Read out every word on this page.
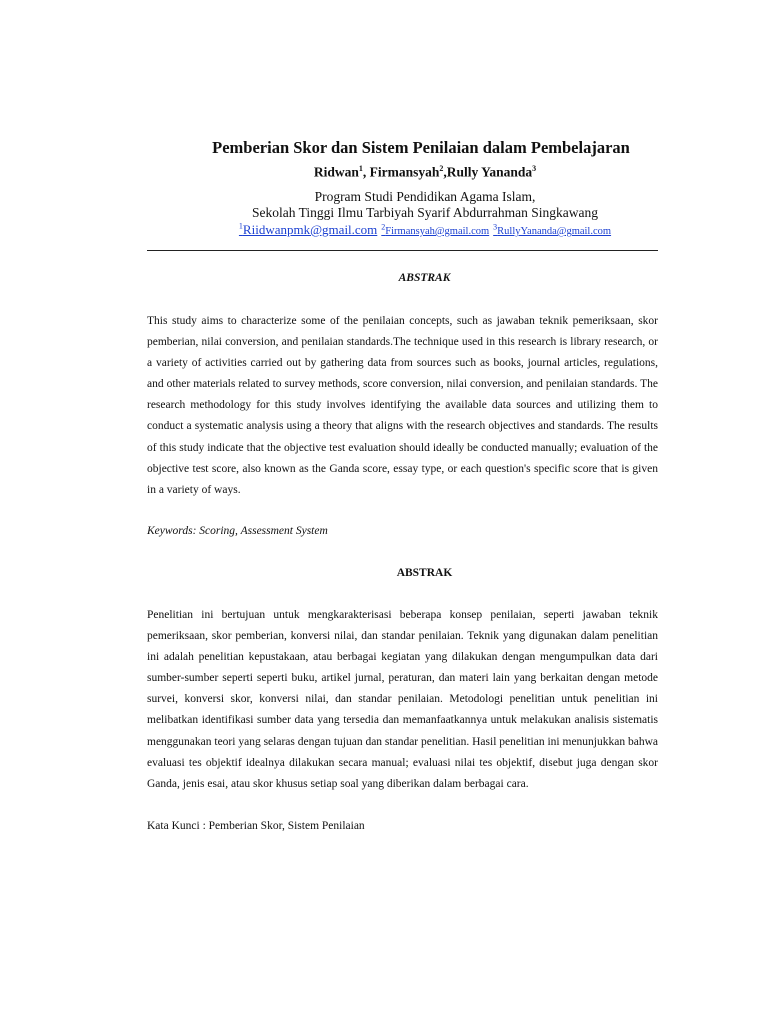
Pemberian Skor dan Sistem Penilaian dalam Pembelajaran
Ridwan$^1$, Firmansyah$^2$,Rully Yananda$^3$
Program Studi Pendidikan Agama Islam,
Sekolah Tinggi Ilmu Tarbiyah Syarif Abdurrahman Singkawang
$^1$Riidwanpmk@gmail.com $^2$Firmansyah@gmail.com $^3$RullyYananda@gmail.com
ABSTRAK

This study aims to characterize some of the penilaian concepts, such as jawaban teknik pemeriksaan, skor pemberian, nilai conversion, and penilaian standards.The technique used in this research is library research, or a variety of activities carried out by gathering data from sources such as books, journal articles, regulations, and other materials related to survey methods, score conversion, nilai conversion, and penilaian standards. The research methodology for this study involves identifying the available data sources and utilizing them to conduct a systematic analysis using a theory that aligns with the research objectives and standards. The results of this study indicate that the objective test evaluation should ideally be conducted manually; evaluation of the objective test score, also known as the Ganda score, essay type, or each question's specific score that is given in a variety of ways.

Keywords: Scoring, Assessment System

ABSTRAK

Penelitian ini bertujuan untuk mengkarakterisasi beberapa konsep penilaian, seperti jawaban teknik pemeriksaan, skor pemberian, konversi nilai, dan standar penilaian. Teknik yang digunakan dalam penelitian ini adalah penelitian kepustakaan, atau berbagai kegiatan yang dilakukan dengan mengumpulkan data dari sumber-sumber seperti seperti buku, artikel jurnal, peraturan, dan materi lain yang berkaitan dengan metode survei, konversi skor, konversi nilai, dan standar penilaian. Metodologi penelitian untuk penelitian ini melibatkan identifikasi sumber data yang tersedia dan memanfaatkannya untuk melakukan analisis sistematis menggunakan teori yang selaras dengan tujuan dan standar penelitian. Hasil penelitian ini menunjukkan bahwa evaluasi tes objektif idealnya dilakukan secara manual; evaluasi nilai tes objektif, disebut juga dengan skor Ganda, jenis esai, atau skor khusus setiap soal yang diberikan dalam berbagai cara.

Kata Kunci : Pemberian Skor, Sistem Penilaian
